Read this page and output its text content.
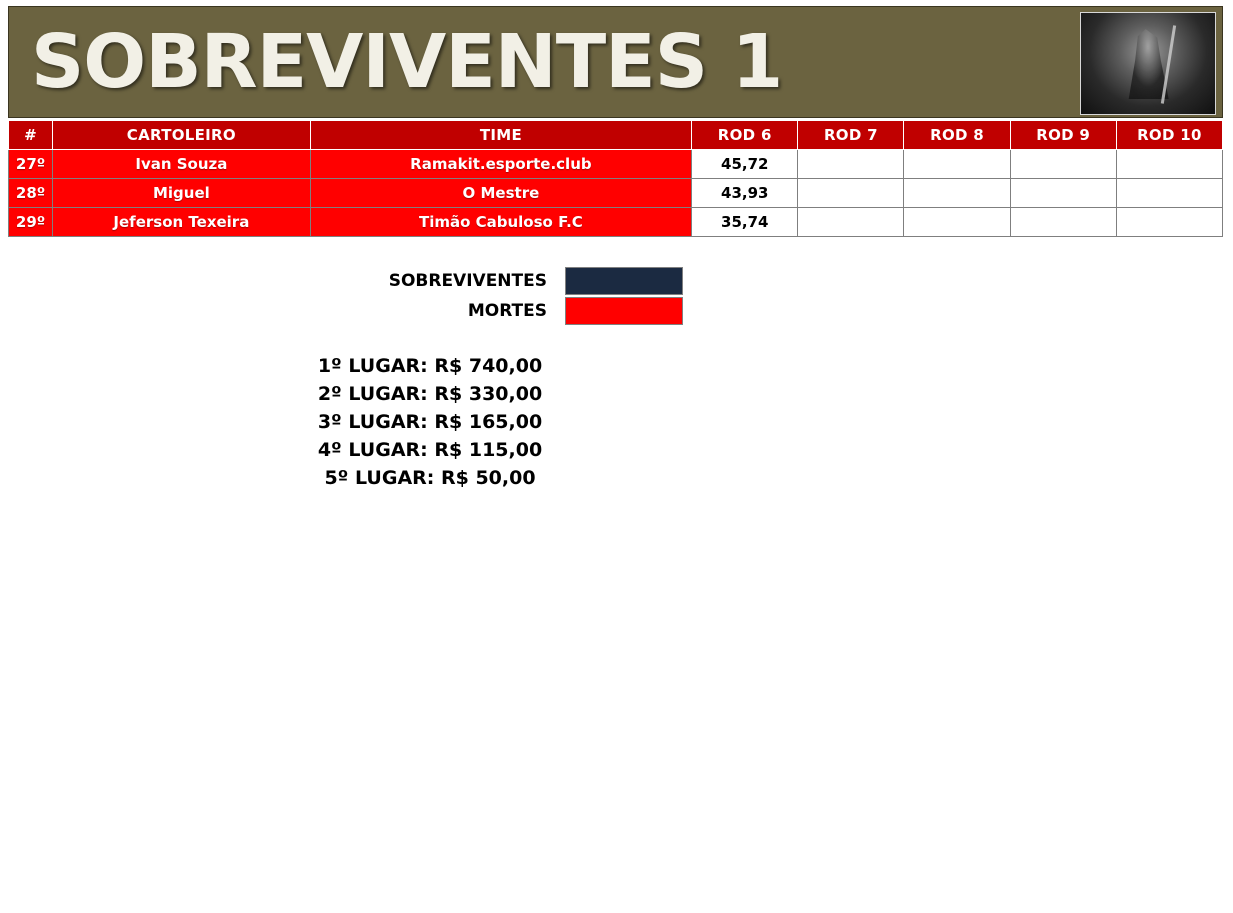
SOBREVIVENTES 1
#	CARTOLEIRO	TIME	ROD 6	ROD 7	ROD 8	ROD 9	ROD 10
27º	Ivan Souza	Ramakit.esporte.club	45,72				
28º	Miguel	O Mestre	43,93				
29º	Jeferson Texeira	Timão Cabuloso F.C	35,74				
SOBREVIVENTES
MORTES
1º LUGAR: R$ 740,00
2º LUGAR: R$ 330,00
3º LUGAR: R$ 165,00
4º LUGAR: R$ 115,00
5º LUGAR: R$ 50,00
